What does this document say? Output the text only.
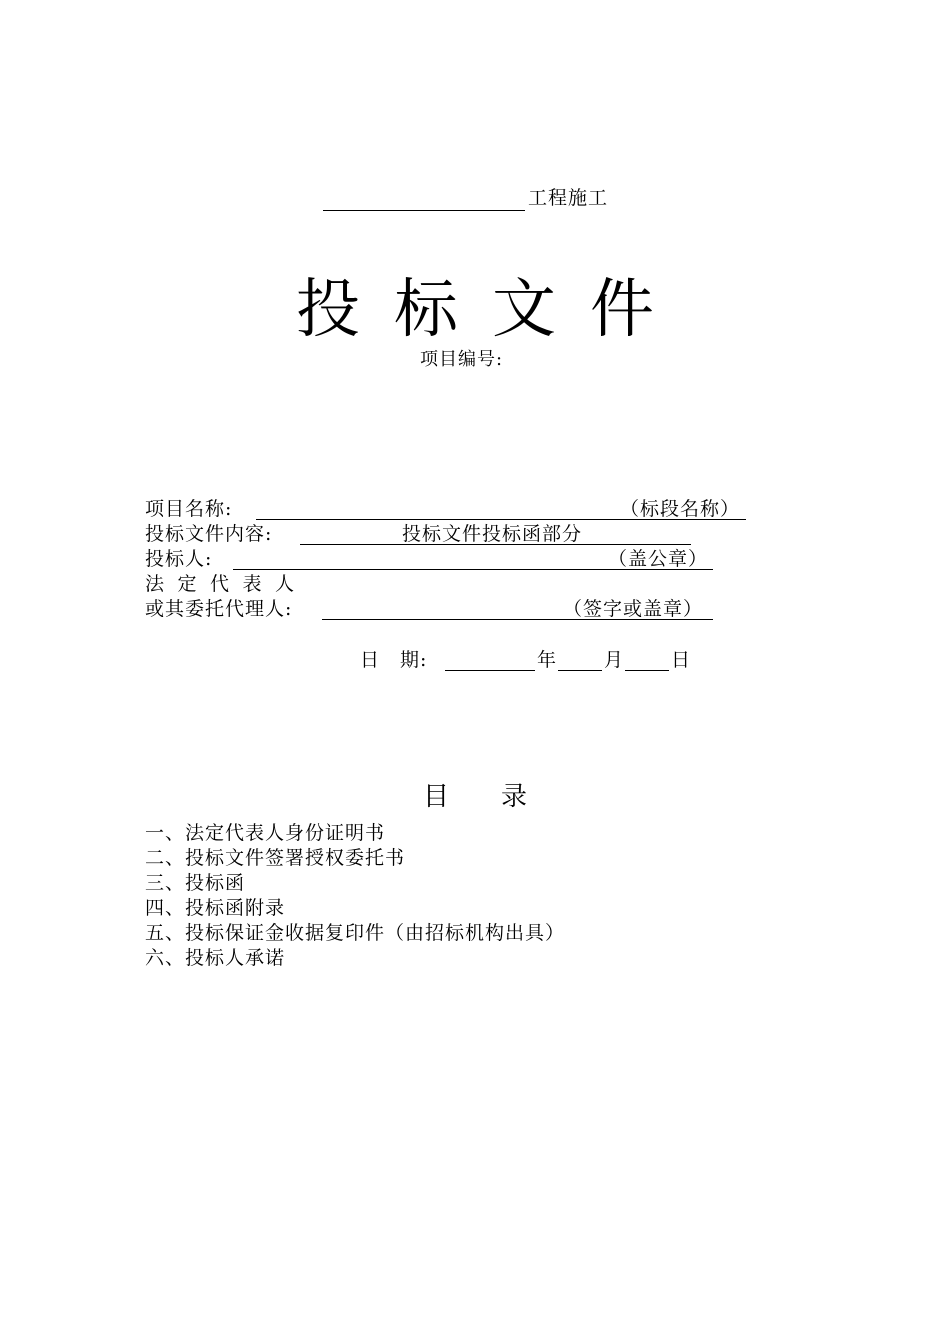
工程施工
投标文件
项目编号:
项目名称:	（标段名称）
投标文件内容:	投标文件投标函部分
投标人:	（盖公章）
法定代表人
或其委托代理人:	（签字或盖章）
日　期:	年 月 日
目录
一、法定代表人身份证明书
二、投标文件签署授权委托书
三、投标函
四、投标函附录
五、投标保证金收据复印件（由招标机构出具）
六、投标人承诺
